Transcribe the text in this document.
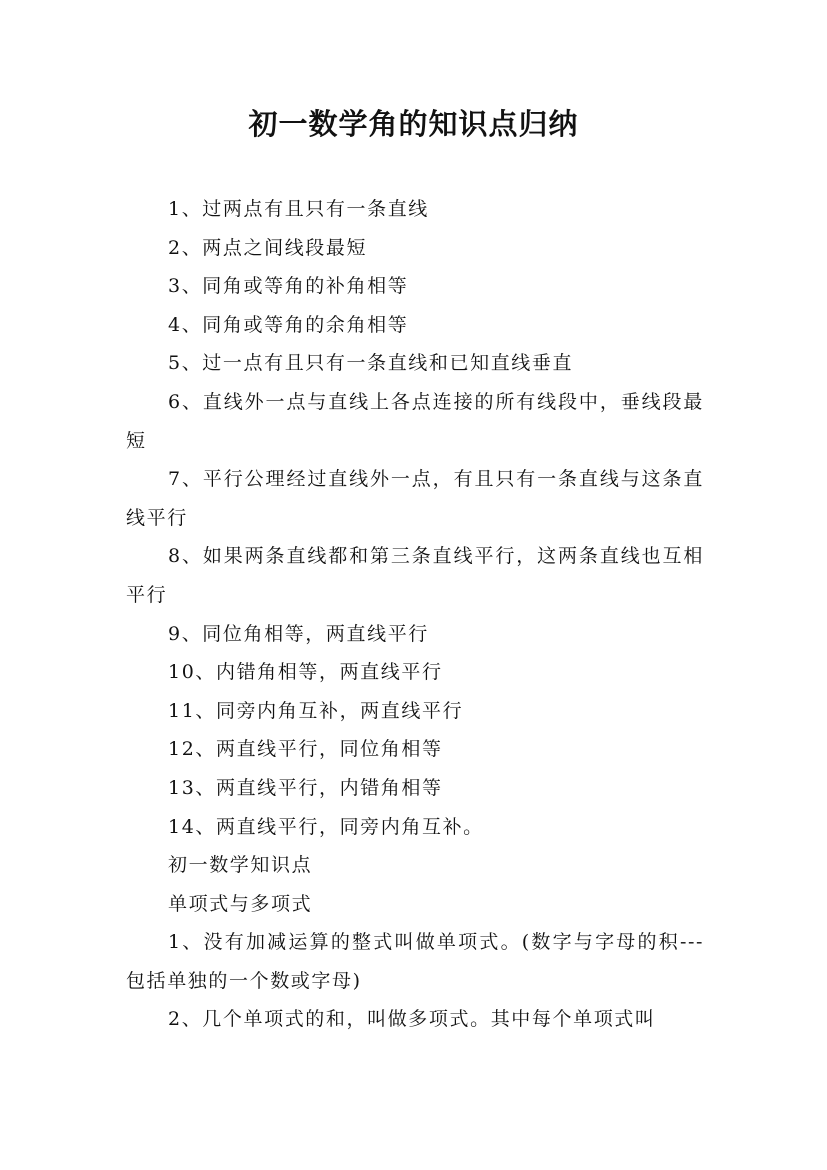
初一数学角的知识点归纳

1、过两点有且只有一条直线

2、两点之间线段最短

3、同角或等角的补角相等

4、同角或等角的余角相等

5、过一点有且只有一条直线和已知直线垂直

6、直线外一点与直线上各点连接的所有线段中，垂线段最短

7、平行公理经过直线外一点，有且只有一条直线与这条直线平行

8、如果两条直线都和第三条直线平行，这两条直线也互相平行

9、同位角相等，两直线平行

10、内错角相等，两直线平行

11、同旁内角互补，两直线平行

12、两直线平行，同位角相等

13、两直线平行，内错角相等

14、两直线平行，同旁内角互补。

初一数学知识点

单项式与多项式

1、没有加减运算的整式叫做单项式。(数字与字母的积---包括单独的一个数或字母)

2、几个单项式的和，叫做多项式。其中每个单项式叫
